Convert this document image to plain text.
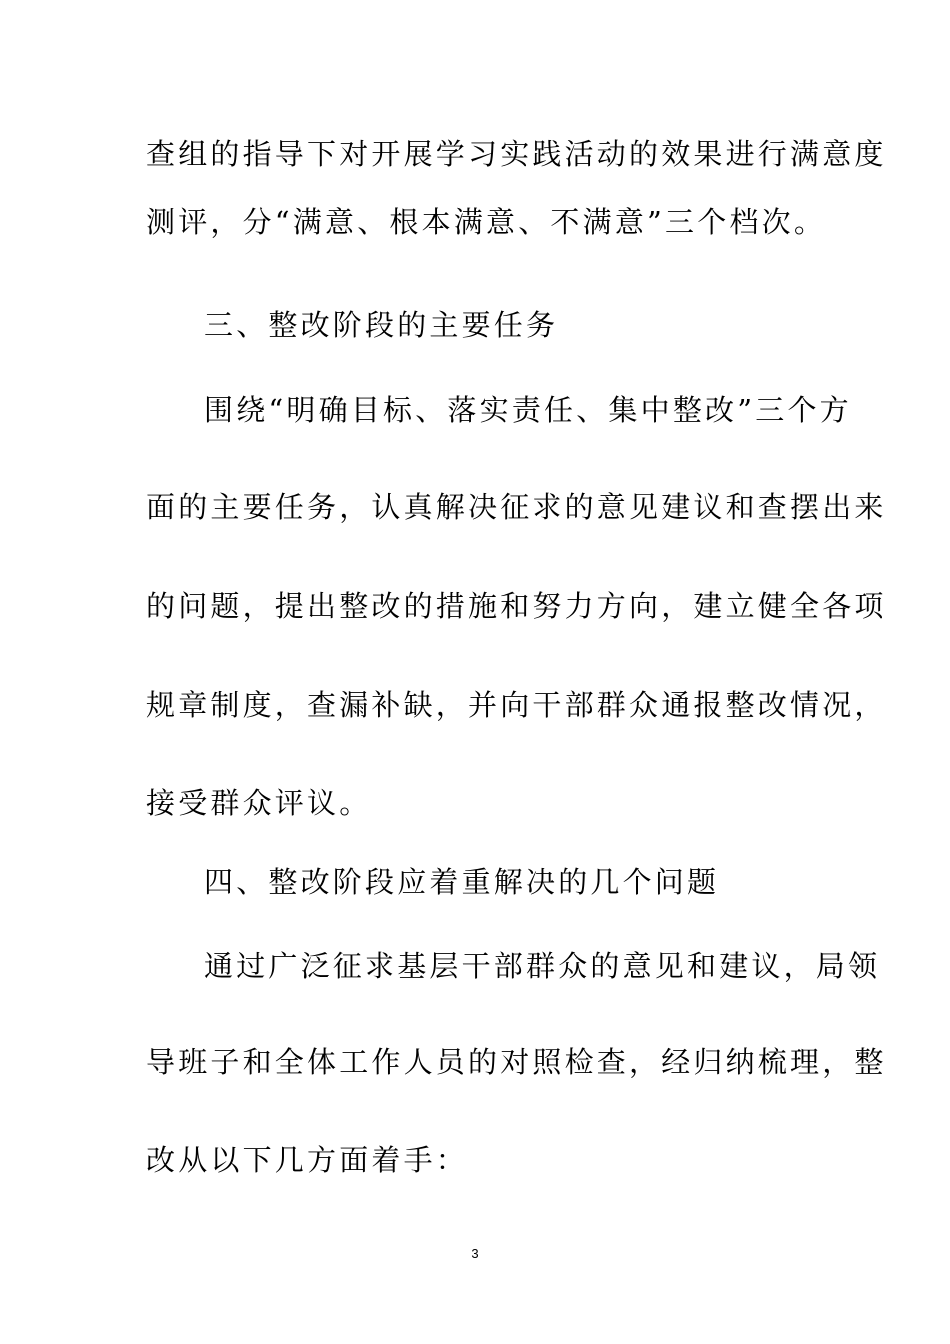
查组的指导下对开展学习实践活动的效果进行满意度
测评，分“满意、根本满意、不满意”三个档次。
三、整改阶段的主要任务
围绕“明确目标、落实责任、集中整改”三个方
面的主要任务，认真解决征求的意见建议和查摆出来
的问题，提出整改的措施和努力方向，建立健全各项
规章制度，查漏补缺，并向干部群众通报整改情况，
接受群众评议。
四、整改阶段应着重解决的几个问题
通过广泛征求基层干部群众的意见和建议，局领
导班子和全体工作人员的对照检查，经归纳梳理，整
改从以下几方面着手：
3
